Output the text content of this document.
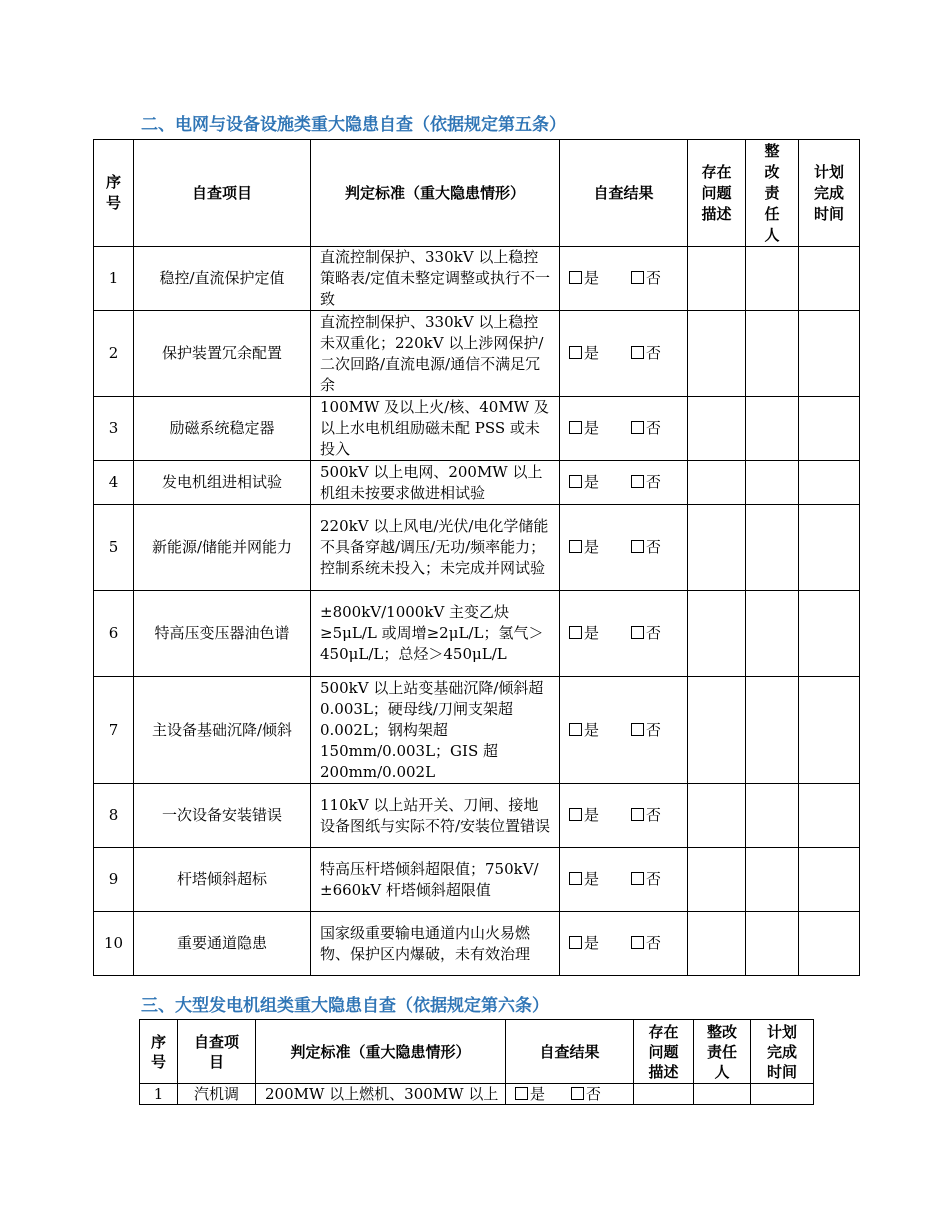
二、电网与设备设施类重大隐患自查（依据规定第五条）
序号	自查项目	判定标准（重大隐患情形）	自查结果	存在问题描述	整改责任人	计划完成时间
1	稳控/直流保护定值	直流控制保护、330kV 以上稳控策略表/定值未整定调整或执行不一致	是 否			
2	保护装置冗余配置	直流控制保护、330kV 以上稳控未双重化；220kV 以上涉网保护/二次回路/直流电源/通信不满足冗余	是 否			
3	励磁系统稳定器	100MW 及以上火/核、40MW 及以上水电机组励磁未配 PSS 或未投入	是 否			
4	发电机组进相试验	500kV 以上电网、200MW 以上机组未按要求做进相试验	是 否			
5	新能源/储能并网能力	220kV 以上风电/光伏/电化学储能不具备穿越/调压/无功/频率能力；控制系统未投入；未完成并网试验	是 否			
6	特高压变压器油色谱	±800kV/1000kV 主变乙炔≥5μL/L 或周增≥2μL/L；氢气＞450μL/L；总烃＞450μL/L	是 否			
7	主设备基础沉降/倾斜	500kV 以上站变基础沉降/倾斜超 0.003L；硬母线/刀闸支架超 0.002L；钢构架超 150mm/0.003L；GIS 超 200mm/0.002L	是 否			
8	一次设备安装错误	110kV 以上站开关、刀闸、接地设备图纸与实际不符/安装位置错误	是 否			
9	杆塔倾斜超标	特高压杆塔倾斜超限值；750kV/±660kV 杆塔倾斜超限值	是 否			
10	重要通道隐患	国家级重要输电通道内山火易燃物、保护区内爆破，未有效治理	是 否			
三、大型发电机组类重大隐患自查（依据规定第六条）
序号	自查项目	判定标准（重大隐患情形）	自查结果	存在问题描述	整改责任人	计划完成时间
1	汽机调	200MW 以上燃机、300MW 以上	是 否			
